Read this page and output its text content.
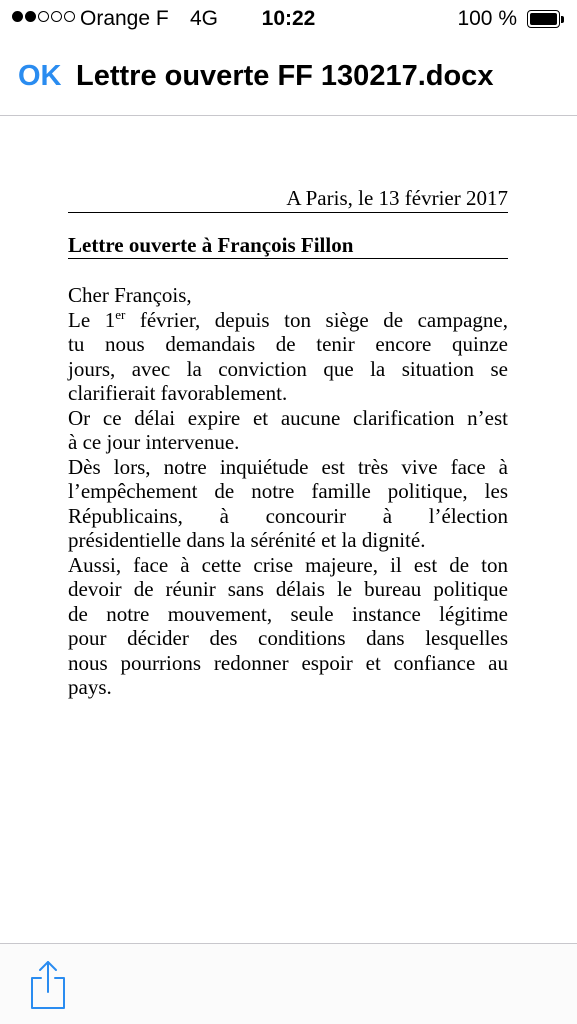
Orange F 4G	10:22	100 %
OK Lettre ouverte FF 130217.docx
A Paris, le 13 février 2017
Lettre ouverte à François Fillon
Cher François,
Le 1er février, depuis ton siège de campagne,
tu nous demandais de tenir encore quinze
jours, avec la conviction que la situation se
clarifierait favorablement.
Or ce délai expire et aucune clarification n’est
à ce jour intervenue.
Dès lors, notre inquiétude est très vive face à
l’empêchement de notre famille politique, les
Républicains, à concourir à l’élection
présidentielle dans la sérénité et la dignité.
Aussi, face à cette crise majeure, il est de ton
devoir de réunir sans délais le bureau politique
de notre mouvement, seule instance légitime
pour décider des conditions dans lesquelles
nous pourrions redonner espoir et confiance au
pays.
